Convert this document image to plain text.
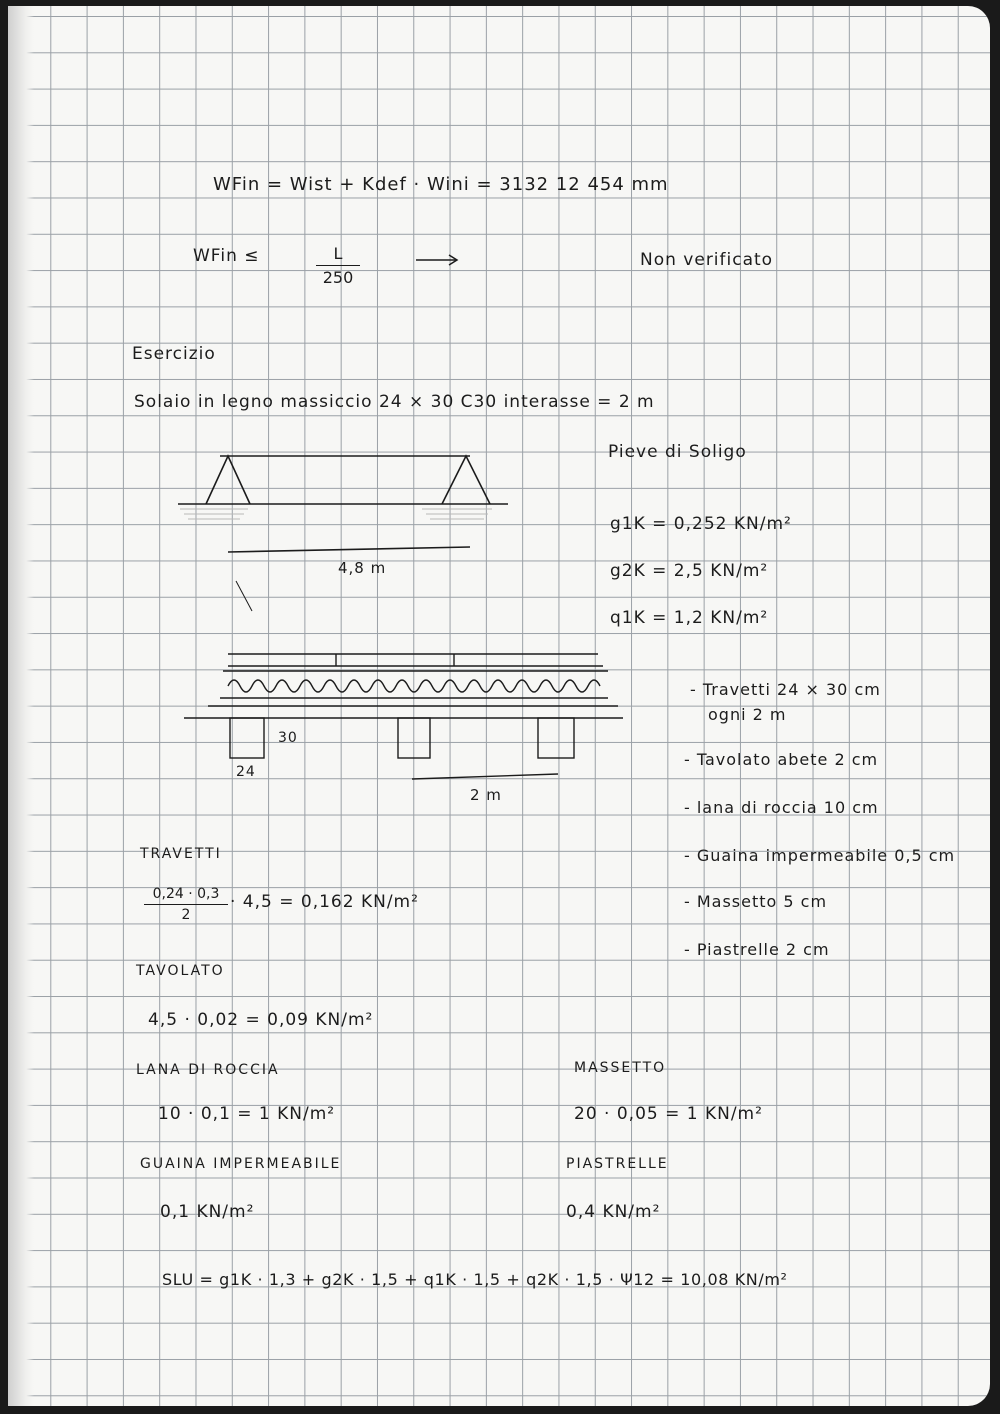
WFin = Wist + Kdef · Wini = 3132 12 454 mm
WFin ≤	$\frac{L}{250}$	Non verificato
Esercizio
Solaio in legno massiccio 24 × 30 C30 interasse = 2 m
Pieve di Soligo
g1K = 0,252 KN/m²
g2K = 2,5 KN/m²
q1K = 1,2 KN/m²
4,8 m
30
24
2 m
- Travetti 24 × 30 cm
ogni 2 m
- Tavolato abete 2 cm
- lana di roccia 10 cm
- Guaina impermeabile 0,5 cm
- Massetto 5 cm
- Piastrelle 2 cm
TRAVETTI
$\frac{0,24 \cdot 0,3}{2} \cdot 4,5 = 0,162$ KN/m²
TAVOLATO
4,5 · 0,02 = 0,09 KN/m²
LANA DI ROCCIA
10 · 0,1 = 1 KN/m²
MASSETTO
20 · 0,05 = 1 KN/m²
GUAINA IMPERMEABILE
0,1 KN/m²
PIASTRELLE
0,4 KN/m²
SLU = g1K · 1,3 + g2K · 1,5 + q1K · 1,5 + q2K · 1,5 · Ψ12 = 10,08 KN/m²
